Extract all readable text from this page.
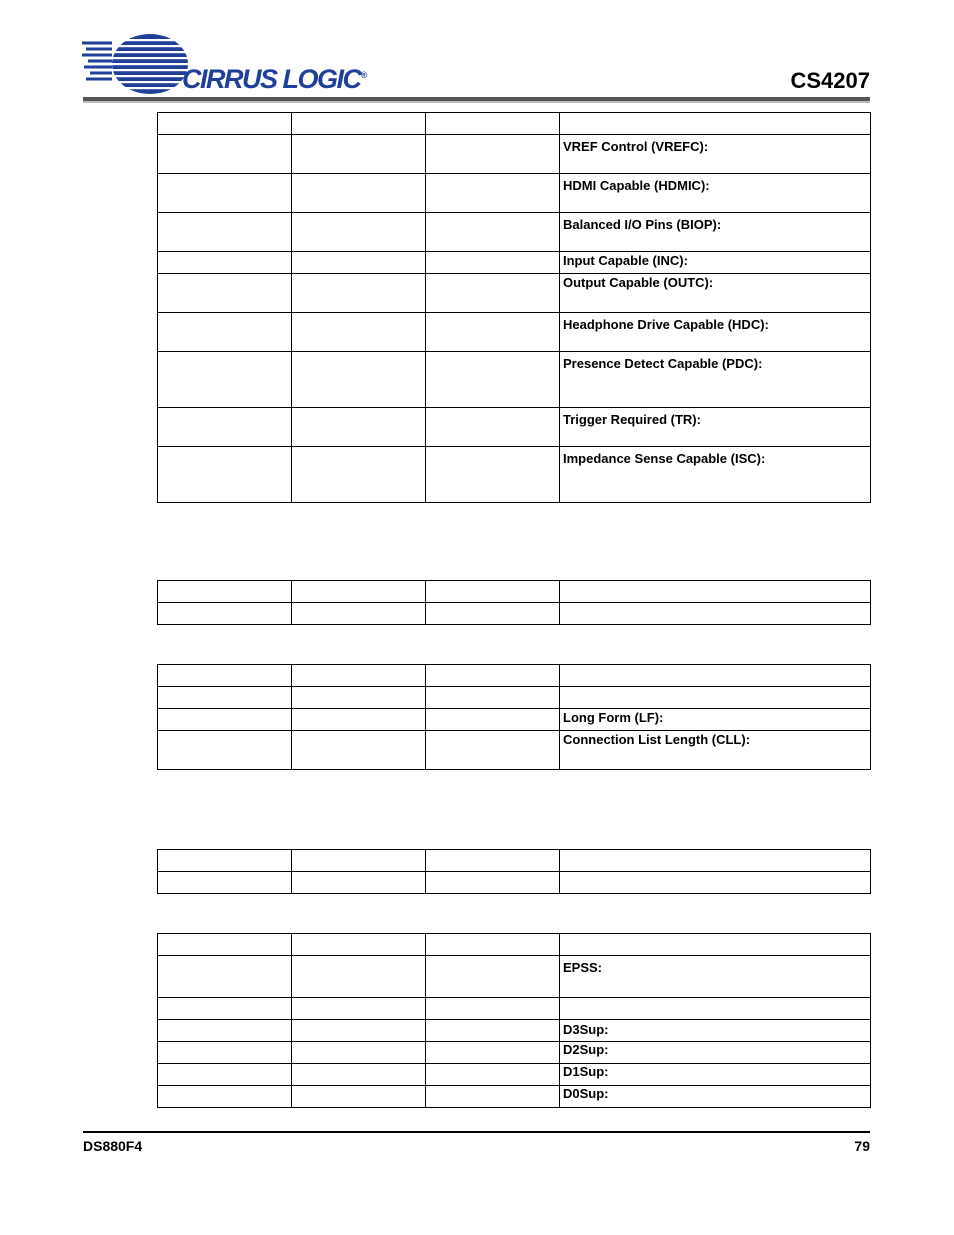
CIRRUS LOGIC®	CS4207

			VREF Control (VREFC):

			HDMI Capable (HDMIC):

			Balanced I/O Pins (BIOP):

			Input Capable (INC):

			Output Capable (OUTC):

			Headphone Drive Capable (HDC):

			Presence Detect Capable (PDC):

			Trigger Required (TR):

			Impedance Sense Capable (ISC):

			Long Form (LF):

			Connection List Length (CLL):

			EPSS:

			D3Sup:

			D2Sup:

			D1Sup:

			D0Sup:
DS880F4	79
